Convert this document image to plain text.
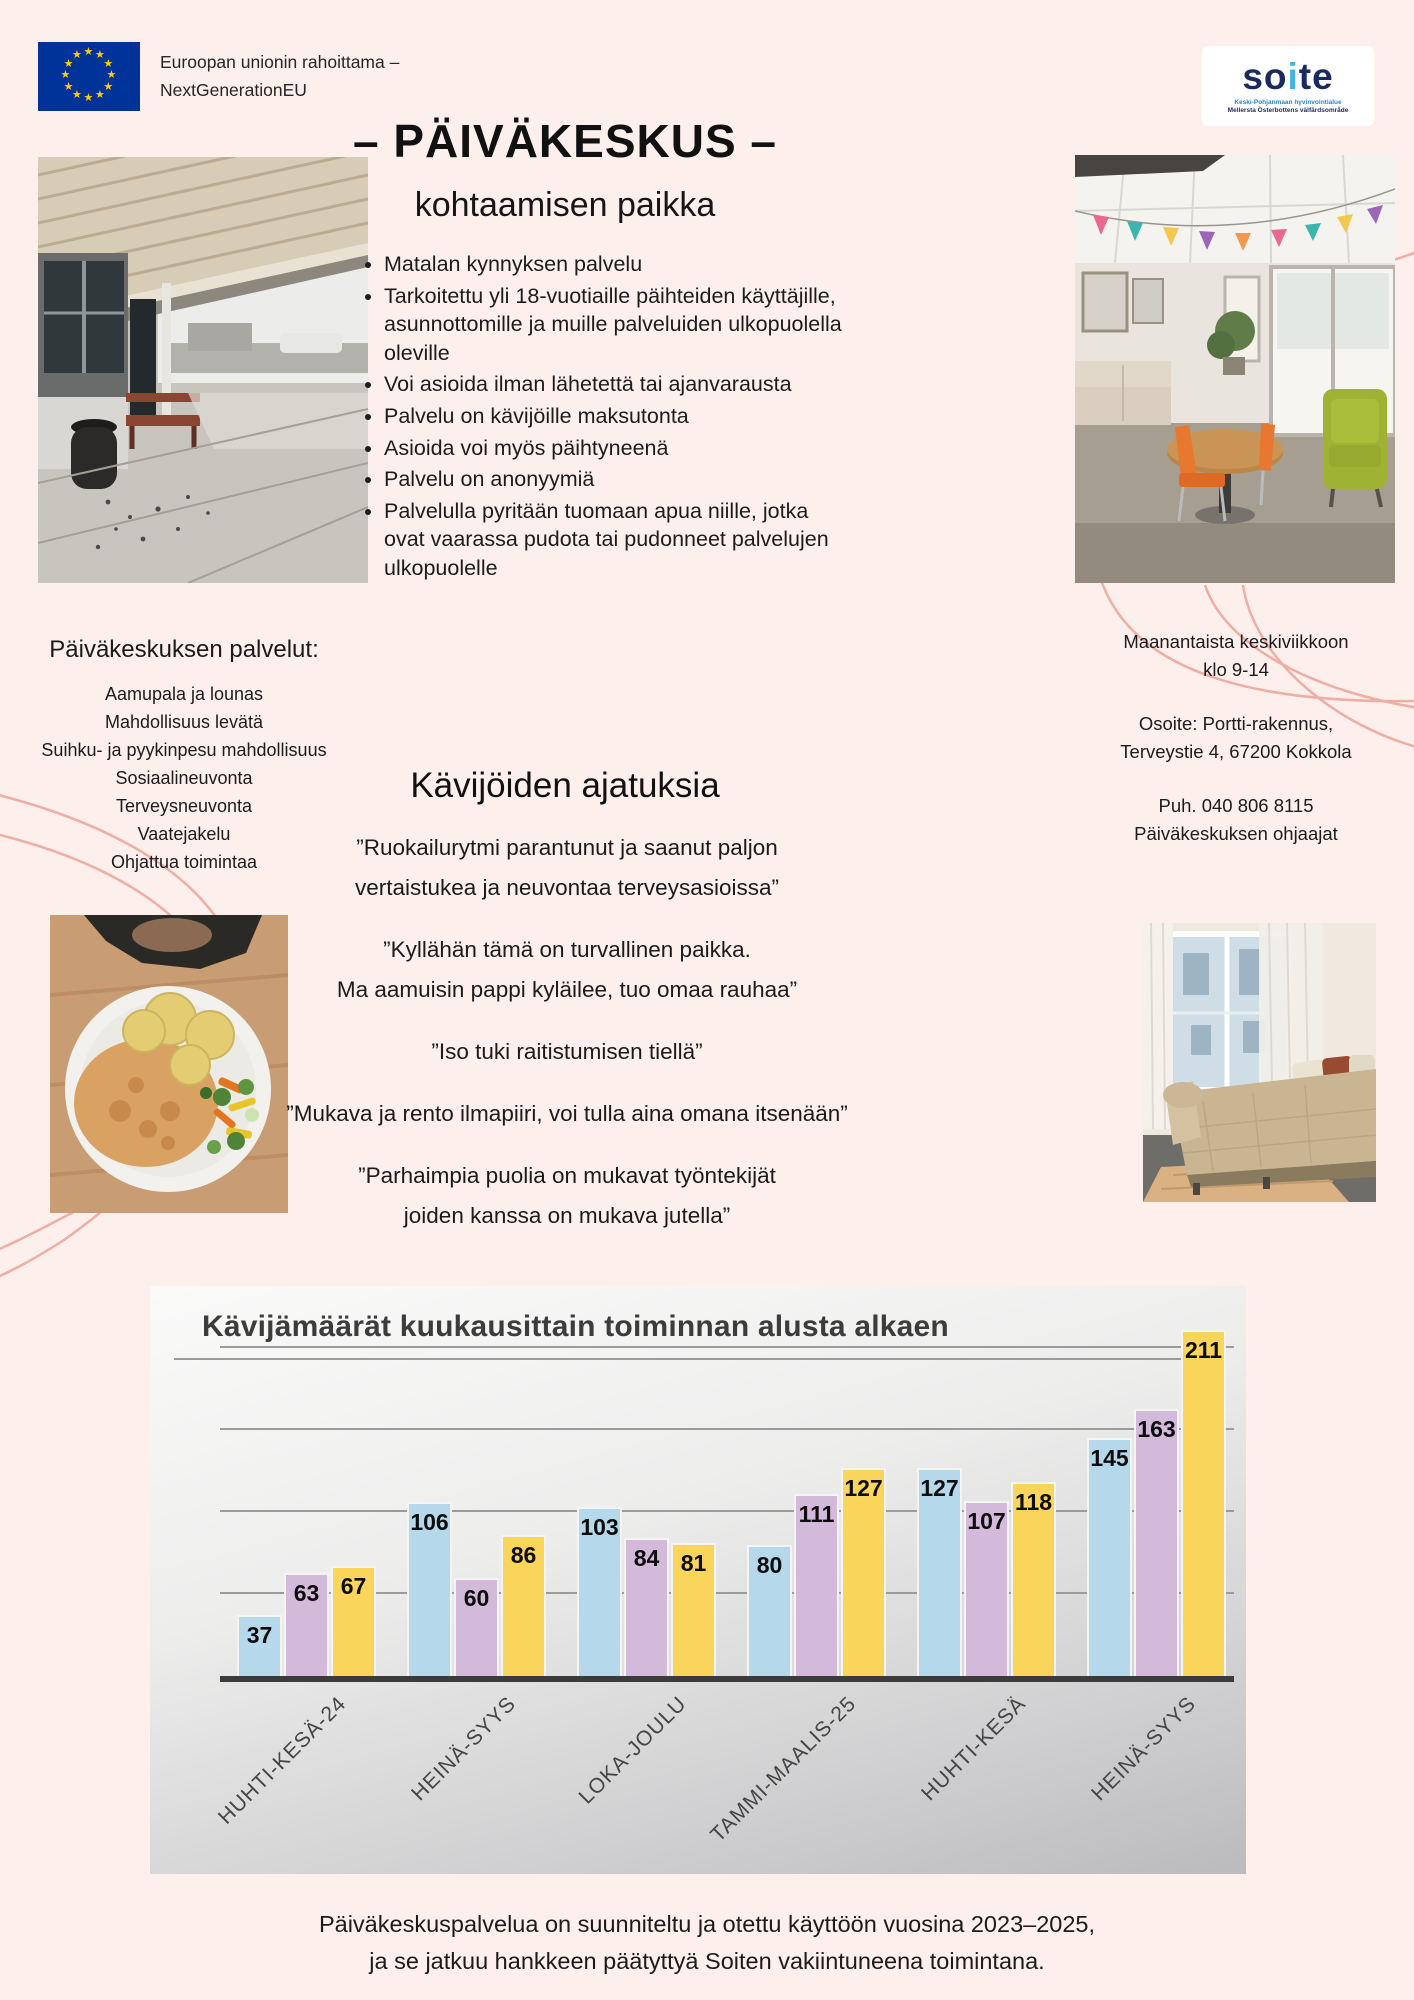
★ ★
★
★
★
★
★
★
★
★
★
★	Euroopan unionin rahoittama –
NextGenerationEU	soite
Keski-Pohjanmaan hyvinvointialue
Mellersta Österbottens välfärdsområde
– PÄIVÄKESKUS –
kohtaamisen paikka
• Matalan kynnyksen palvelu
• Tarkoitettu yli 18-vuotiaille päihteiden käyttäjille, asunnottomille ja muille palveluiden ulkopuolella oleville
• Voi asioida ilman lähetettä tai ajanvarausta
• Palvelu on kävijöille maksutonta
• Asioida voi myös päihtyneenä
• Palvelu on anonyymiä
• Palvelulla pyritään tuomaan apua niille, jotka ovat vaarassa pudota tai pudonneet palvelujen ulkopuolelle
Päiväkeskuksen palvelut:
Aamupala ja lounas
Mahdollisuus levätä
Suihku- ja pyykinpesu mahdollisuus
Sosiaalineuvonta
Terveysneuvonta
Vaatejakelu
Ohjattua toimintaa
Maanantaista keskiviikkoon
klo 9-14
Osoite: Portti-rakennus,
Terveystie 4, 67200 Kokkola
Puh. 040 806 8115
Päiväkeskuksen ohjaajat
Kävijöiden ajatuksia
”Ruokailurytmi parantunut ja saanut paljon
vertaistukea ja neuvontaa terveysasioissa”
”Kyllähän tämä on turvallinen paikka.
Ma aamuisin pappi kyläilee, tuo omaa rauhaa”
”Iso tuki raitistumisen tiellä”
”Mukava ja rento ilmapiiri, voi tulla aina omana itsenään”
”Parhaimpia puolia on mukavat työntekijät
joiden kanssa on mukava jutella”
Kävijämäärät kuukausittain toiminnan alusta alkaen
37
63 67
HUHTI-KESÄ-24
106
60
86
HEINÄ-SYYS
103
84 81
LOKA-JOULU
80
111
127
TAMMI-MAALIS-25
127
107
118
HUHTI-KESÄ
145
163
211
HEINÄ-SYYS
Päiväkeskuspalvelua on suunniteltu ja otettu käyttöön vuosina 2023–2025,
ja se jatkuu hankkeen päätyttyä Soiten vakiintuneena toimintana.
